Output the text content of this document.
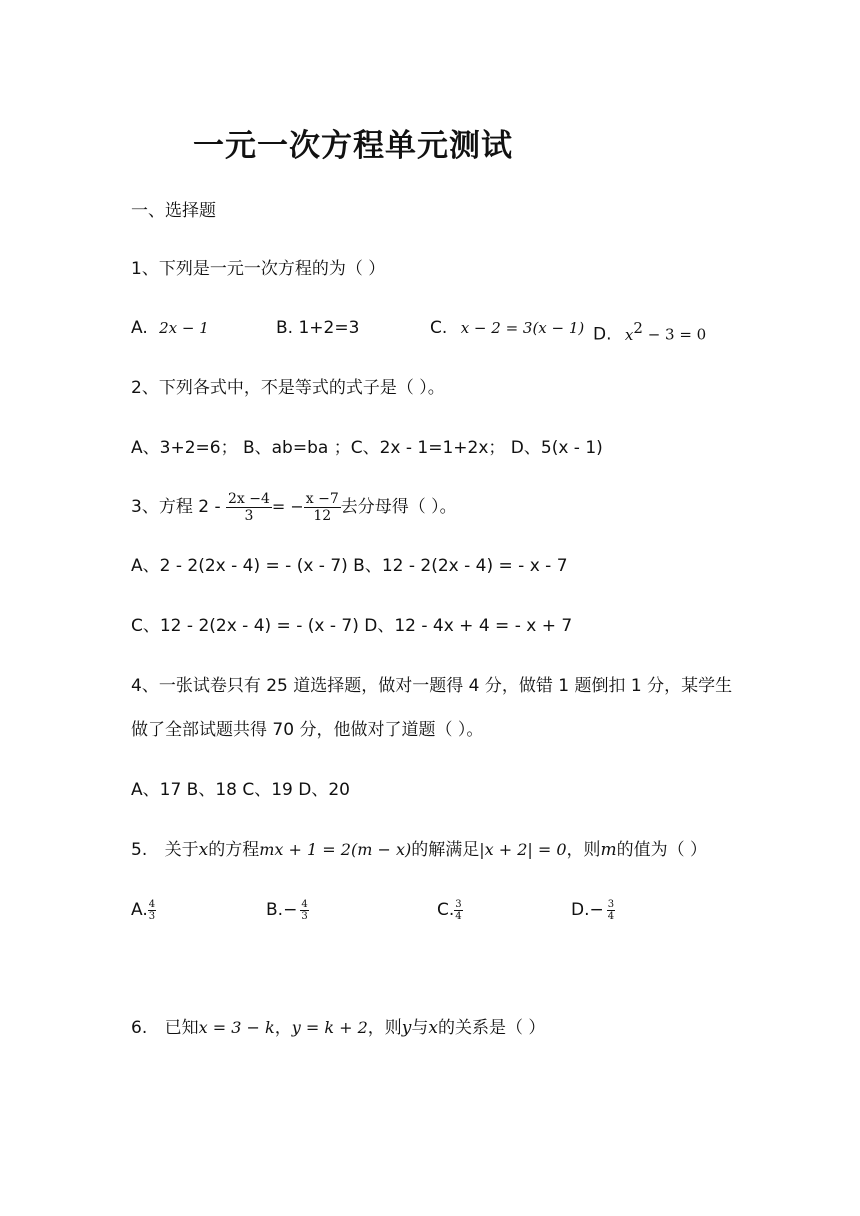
一元一次方程单元测试
一、选择题
1、下列是一元一次方程的为（ ）
A. 2x − 1	B. 1+2=3	C. x − 2 = 3(x − 1) D. $x^2 - 3 = 0$
2、下列各式中，不是等式的式子是（ ）。
A、3+2=6； B、ab=ba ；C、2x - 1=1+2x； D、5(x - 1)
3、方程 $2 - \frac{2x -4}{3}$ = − $\frac{x -7}{12}$ 去分母得（ ）。
A、2 - 2(2x - 4) = - (x - 7) B、12 - 2(2x - 4) = - x - 7
C、12 - 2(2x - 4) = - (x - 7) D、12 - 4x + 4 = - x + 7
4、一张试卷只有 25 道选择题，做对一题得 4 分，做错 1 题倒扣 1 分，某学生
做了全部试题共得 70 分，他做对了道题（ ）。
A、17 B、18 C、19 D、20
5. 关于x的方程mx + 1 = 2(m − x)的解满足|x + 2| = 0，则m的值为（ ）
A. $\frac{4}{3}$	$B.- \frac{4}{3}$	C. $\frac{3}{4}$	$D.- \frac{3}{4}$
6. 已知x = 3 − k，y = k + 2，则y与x的关系是（ ）
